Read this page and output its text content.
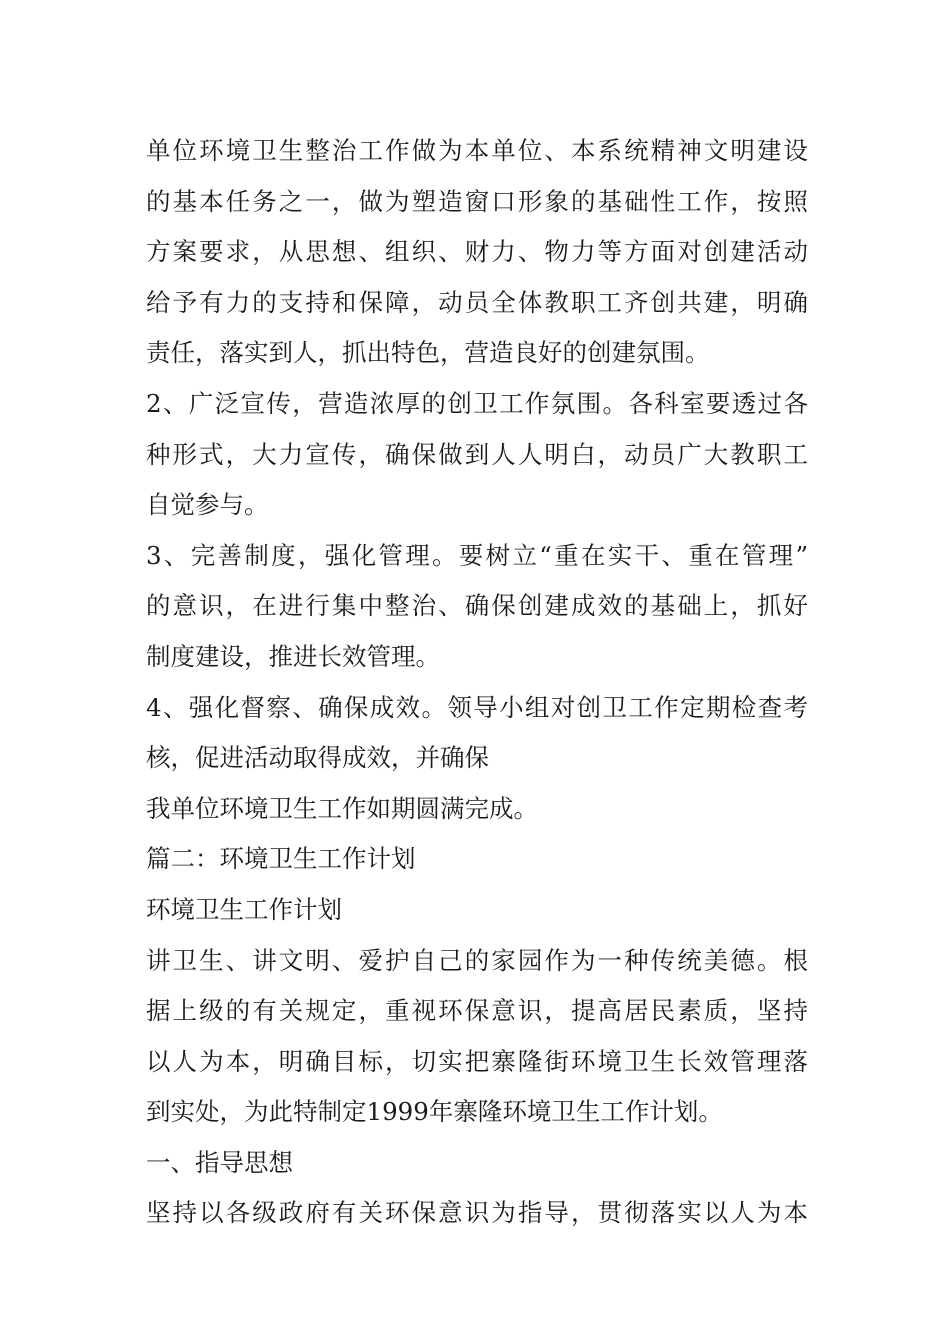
单位环境卫生整治工作做为本单位、本系统精神文明建设
的基本任务之一，做为塑造窗口形象的基础性工作，按照
方案要求，从思想、组织、财力、物力等方面对创建活动
给予有力的支持和保障，动员全体教职工齐创共建，明确
责任，落实到人，抓出特色，营造良好的创建氛围。
2、广泛宣传，营造浓厚的创卫工作氛围。各科室要透过各
种形式，大力宣传，确保做到人人明白，动员广大教职工
自觉参与。
3、完善制度，强化管理。要树立“重在实干、重在管理”
的意识，在进行集中整治、确保创建成效的基础上，抓好
制度建设，推进长效管理。
4、强化督察、确保成效。领导小组对创卫工作定期检查考
核，促进活动取得成效，并确保
我单位环境卫生工作如期圆满完成。
篇二：环境卫生工作计划
环境卫生工作计划
讲卫生、讲文明、爱护自己的家园作为一种传统美德。根
据上级的有关规定，重视环保意识，提高居民素质，坚持
以人为本，明确目标，切实把寨隆街环境卫生长效管理落
到实处，为此特制定1999年寨隆环境卫生工作计划。
一、指导思想
坚持以各级政府有关环保意识为指导，贯彻落实以人为本
